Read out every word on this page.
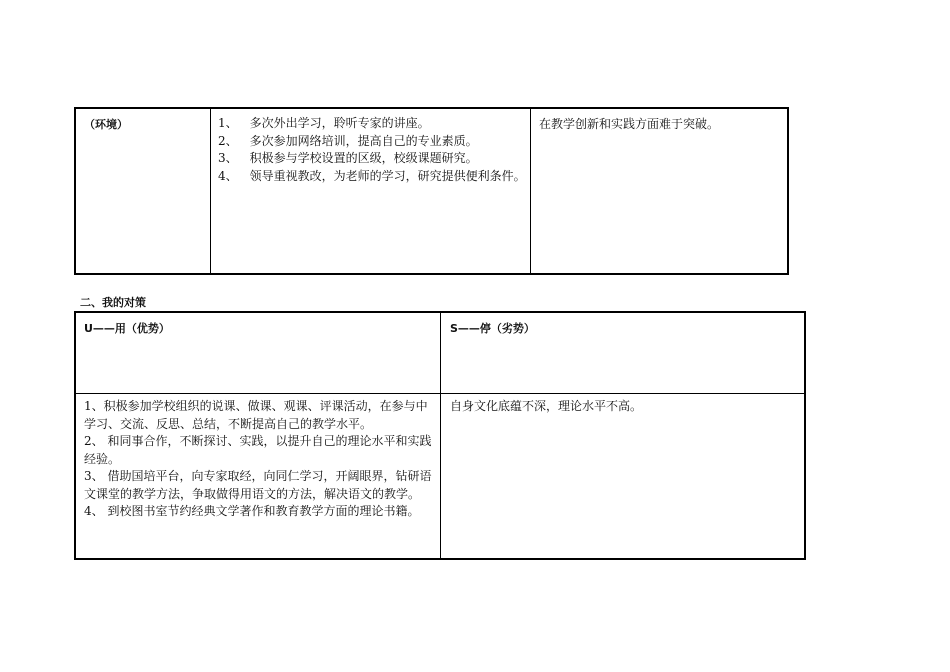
（环境）	1、 多次外出学习，聆听专家的讲座。
2、 多次参加网络培训，提高自己的专业素质。
3、 积极参与学校设置的区级，校级课题研究。
4、 领导重视教改，为老师的学习，研究提供便利条件。
在教学创新和实践方面难于突破。
二、我的对策
U——用（优势）	S——停（劣势）
1、积极参加学校组织的说课、做课、观课、评课活动，在参与中学习、交流、反思、总结，不断提高自己的教学水平。
2、 和同事合作，不断探讨、实践，以提升自己的理论水平和实践经验。
3、 借助国培平台，向专家取经，向同仁学习，开阔眼界，钻研语文课堂的教学方法，争取做得用语文的方法，解决语文的教学。
4、 到校图书室节约经典文学著作和教育教学方面的理论书籍。
自身文化底蕴不深，理论水平不高。
